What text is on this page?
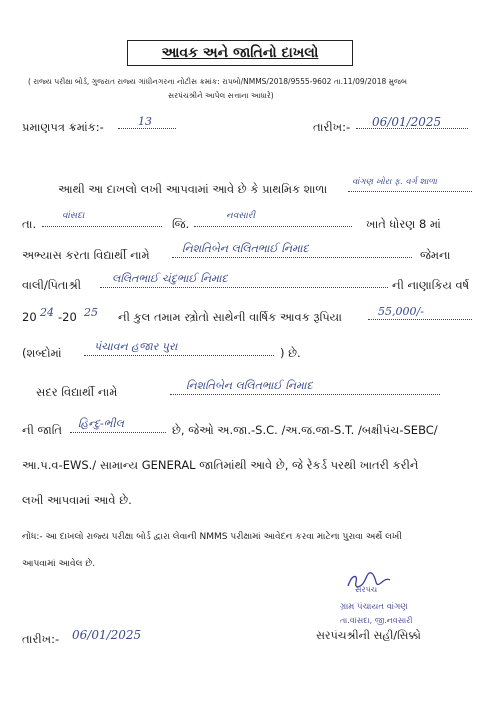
આવક અને જાતિનો દાખલો
( રાજ્ય પરીક્ષા બોર્ડ, ગુજરાત રાજ્ય ગાંધીનગરના નોટીસ ક્રમાંક: રાપબો/NMMS/2018/9555-9602 તા.11/09/2018 મુજબ
સરપંચશ્રીને આપેલ સત્તાના આધારે)
પ્રમાણપત્ર ક્રમાંક:-	13	તારીખ:- 06/01/2025
આથી આ દાખલો લખી આપવામાં આવે છે કે પ્રાથમિક શાળા	વાંગણ ખોરા ફ. વર્ગ શાળા
તા.
વાંસદા
જિ.
નવસારી
ખાતે ધોરણ 8 માં
અભ્યાસ કરતા વિદ્યાર્થી નામે	નિશતિબેન લલિતભાઈ નિમાદ	જેમના
વાલી/પિતાશ્રી	લલિતભાઈ ચંદુભાઈ નિમાદ	ની નાણાકિય વર્ષ
20 24 -20 25 ની કુલ તમામ સ્ત્રોતો સાથેની વાર્ષિક આવક રૂપિયા	55,000/-
(શબ્દોમાં	પંચાવન હજાર પુરા	) છે.
સદર વિદ્યાર્થી નામે	નિશતિબેન લલિતભાઈ નિમાદ
ની જાતિ હિન્દુ-ભીલ	છે, જેઓ અ.જા.-S.C. /અ.જ.જા-S.T. /બક્ષીપંચ-SEBC/
આ.પ.વ-EWS./ સામાન્ય GENERAL જાતિમાંથી આવે છે, જે રેકર્ડ પરથી ખાતરી કરીને
લખી આપવામાં આવે છે.
નોંધ:- આ દાખલો રાજ્ય પરીક્ષા બોર્ડ દ્વારા લેવાની NMMS પરીક્ષામાં આવેદન કરવા માટેના પુરાવા અર્થે લખી
આપવામાં આવેલ છે.
સરપંચ
ગ્રામ પંચાયત વાંગણ
તા.વાંસદા, જી.નવસારી
સરપંચશ્રીની સહી/સિક્કો
તારીખ:- 06/01/2025
